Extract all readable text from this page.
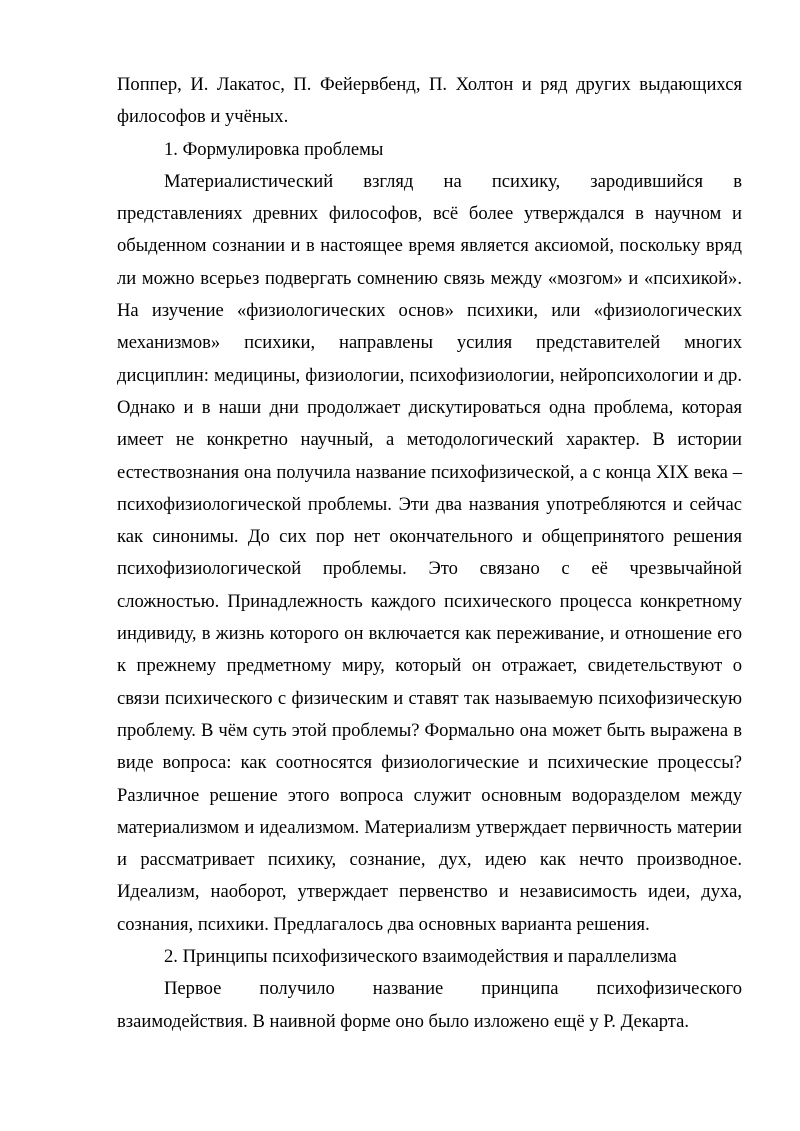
Поппер, И. Лакатос, П. Фейервбенд, П. Холтон и ряд других выдающихся философов и учёных.

1. Формулировка проблемы

Материалистический взгляд на психику, зародившийся в представлениях древних философов, всё более утверждался в научном и обыденном сознании и в настоящее время является аксиомой, поскольку вряд ли можно всерьез подвергать сомнению связь между «мозгом» и «психикой». На изучение «физиологических основ» психики, или «физиологических механизмов» психики, направлены усилия представителей многих дисциплин: медицины, физиологии, психофизиологии, нейропсихологии и др. Однако и в наши дни продолжает дискутироваться одна проблема, которая имеет не конкретно научный, а методологический характер. В истории естествознания она получила название психофизической, а с конца XIX века – психофизиологической проблемы. Эти два названия употребляются и сейчас как синонимы. До сих пор нет окончательного и общепринятого решения психофизиологической проблемы. Это связано с её чрезвычайной сложностью. Принадлежность каждого психического процесса конкретному индивиду, в жизнь которого он включается как переживание, и отношение его к прежнему предметному миру, который он отражает, свидетельствуют о связи психического с физическим и ставят так называемую психофизическую проблему. В чём суть этой проблемы? Формально она может быть выражена в виде вопроса: как соотносятся физиологические и психические процессы? Различное решение этого вопроса служит основным водоразделом между материализмом и идеализмом. Материализм утверждает первичность материи и рассматривает психику, сознание, дух, идею как нечто производное. Идеализм, наоборот, утверждает первенство и независимость идеи, духа, сознания, психики. Предлагалось два основных варианта решения.

2. Принципы психофизического взаимодействия и параллелизма

Первое получило название принципа психофизического взаимодействия. В наивной форме оно было изложено ещё у Р. Декарта.
